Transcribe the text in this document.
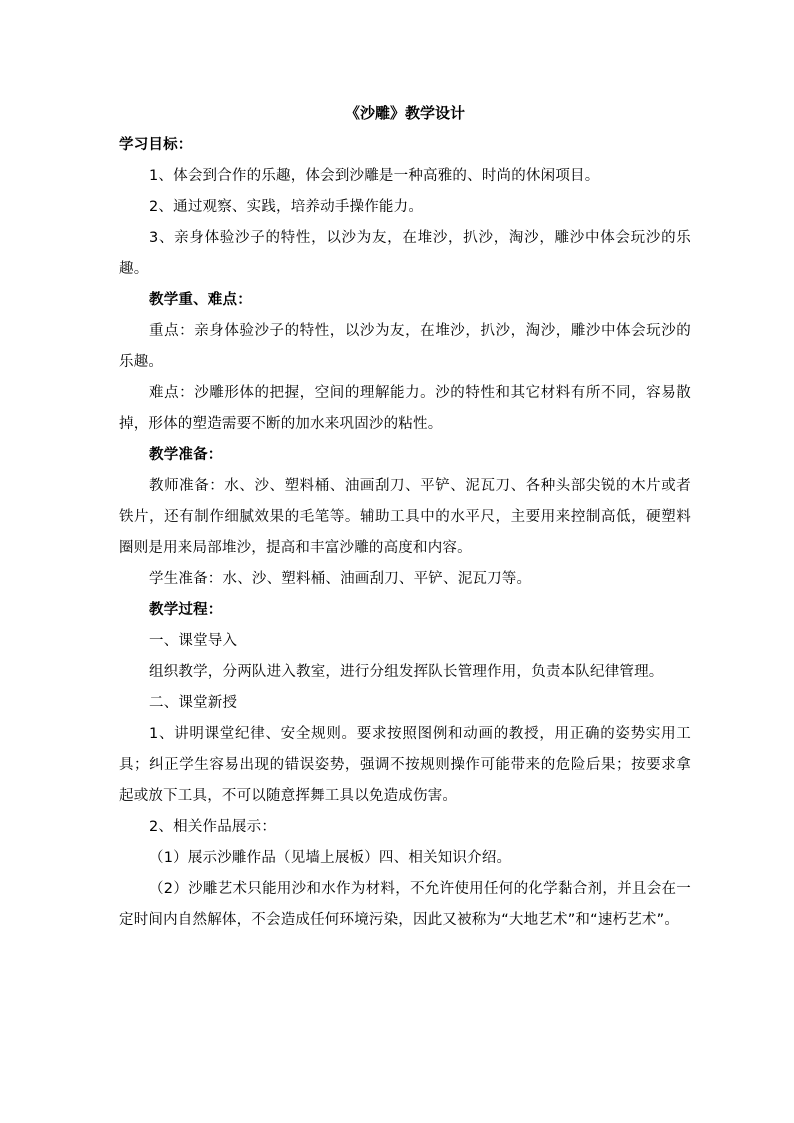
《沙雕》教学设计

学习目标：

1、体会到合作的乐趣，体会到沙雕是一种高雅的、时尚的休闲项目。

2、通过观察、实践，培养动手操作能力。

3、亲身体验沙子的特性，以沙为友，在堆沙，扒沙，淘沙，雕沙中体会玩沙的乐趣。

教学重、难点：

重点：亲身体验沙子的特性，以沙为友，在堆沙，扒沙，淘沙，雕沙中体会玩沙的乐趣。

难点：沙雕形体的把握，空间的理解能力。沙的特性和其它材料有所不同，容易散掉，形体的塑造需要不断的加水来巩固沙的粘性。

教学准备：

教师准备：水、沙、塑料桶、油画刮刀、平铲、泥瓦刀、各种头部尖锐的木片或者铁片，还有制作细腻效果的毛笔等。辅助工具中的水平尺，主要用来控制高低，硬塑料圈则是用来局部堆沙，提高和丰富沙雕的高度和内容。

学生准备：水、沙、塑料桶、油画刮刀、平铲、泥瓦刀等。

教学过程：

一、课堂导入

组织教学，分两队进入教室，进行分组发挥队长管理作用，负责本队纪律管理。

二、课堂新授

1、讲明课堂纪律、安全规则。要求按照图例和动画的教授，用正确的姿势实用工具；纠正学生容易出现的错误姿势，强调不按规则操作可能带来的危险后果；按要求拿起或放下工具，不可以随意挥舞工具以免造成伤害。

2、相关作品展示：

（1）展示沙雕作品（见墙上展板）四、相关知识介绍。

（2）沙雕艺术只能用沙和水作为材料，不允许使用任何的化学黏合剂，并且会在一定时间内自然解体，不会造成任何环境污染，因此又被称为“大地艺术”和“速朽艺术”。
